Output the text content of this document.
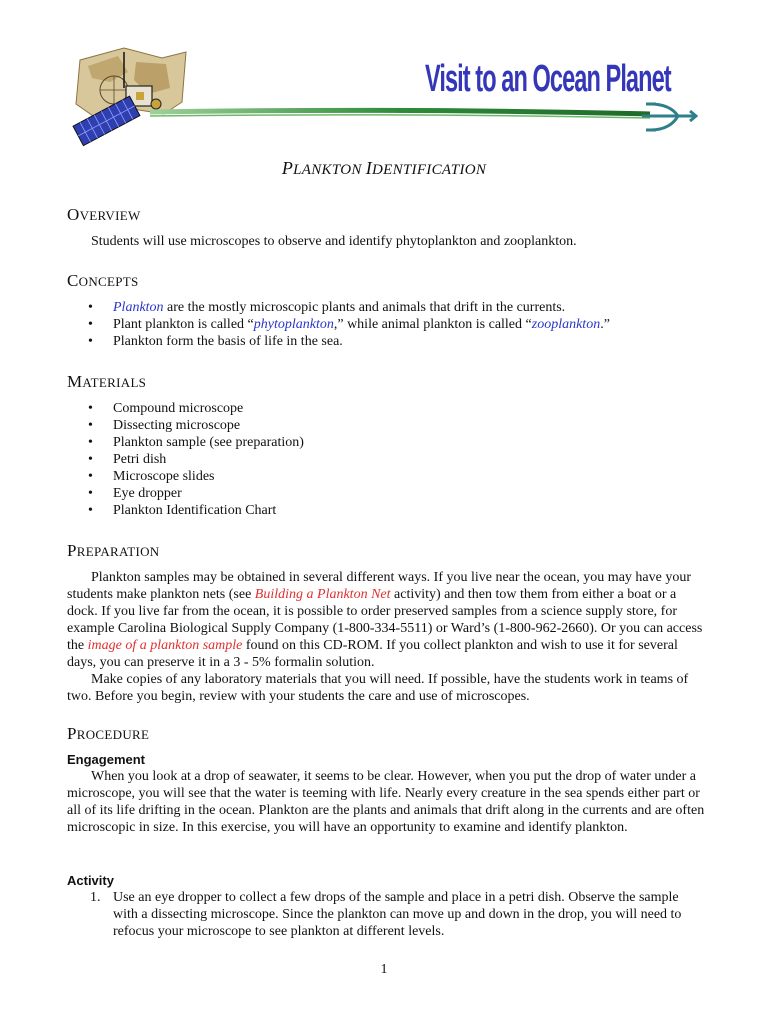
Visit to an Ocean Planet
PLANKTON IDENTIFICATION
OVERVIEW
Students will use microscopes to observe and identify phytoplankton and zooplankton.
CONCEPTS
• Plankton are the mostly microscopic plants and animals that drift in the currents.
• Plant plankton is called “phytoplankton,” while animal plankton is called “zooplankton.”
• Plankton form the basis of life in the sea.
MATERIALS
• Compound microscope
• Dissecting microscope
• Plankton sample (see preparation)
• Petri dish
• Microscope slides
• Eye dropper
• Plankton Identification Chart
PREPARATION
Plankton samples may be obtained in several different ways. If you live near the ocean, you may have your students make plankton nets (see Building a Plankton Net activity) and then tow them from either a boat or a dock. If you live far from the ocean, it is possible to order preserved samples from a science supply store, for example Carolina Biological Supply Company (1-800-334-5511) or Ward’s (1-800-962-2660). Or you can access the image of a plankton sample found on this CD-ROM. If you collect plankton and wish to use it for several days, you can preserve it in a 3 - 5% formalin solution.
Make copies of any laboratory materials that you will need. If possible, have the students work in teams of two. Before you begin, review with your students the care and use of microscopes.
PROCEDURE
Engagement
When you look at a drop of seawater, it seems to be clear. However, when you put the drop of water under a microscope, you will see that the water is teeming with life. Nearly every creature in the sea spends either part or all of its life drifting in the ocean. Plankton are the plants and animals that drift along in the currents and are often microscopic in size. In this exercise, you will have an opportunity to examine and identify plankton.
Activity
1. Use an eye dropper to collect a few drops of the sample and place in a petri dish. Observe the sample with a dissecting microscope. Since the plankton can move up and down in the drop, you will need to refocus your microscope to see plankton at different levels.
1
